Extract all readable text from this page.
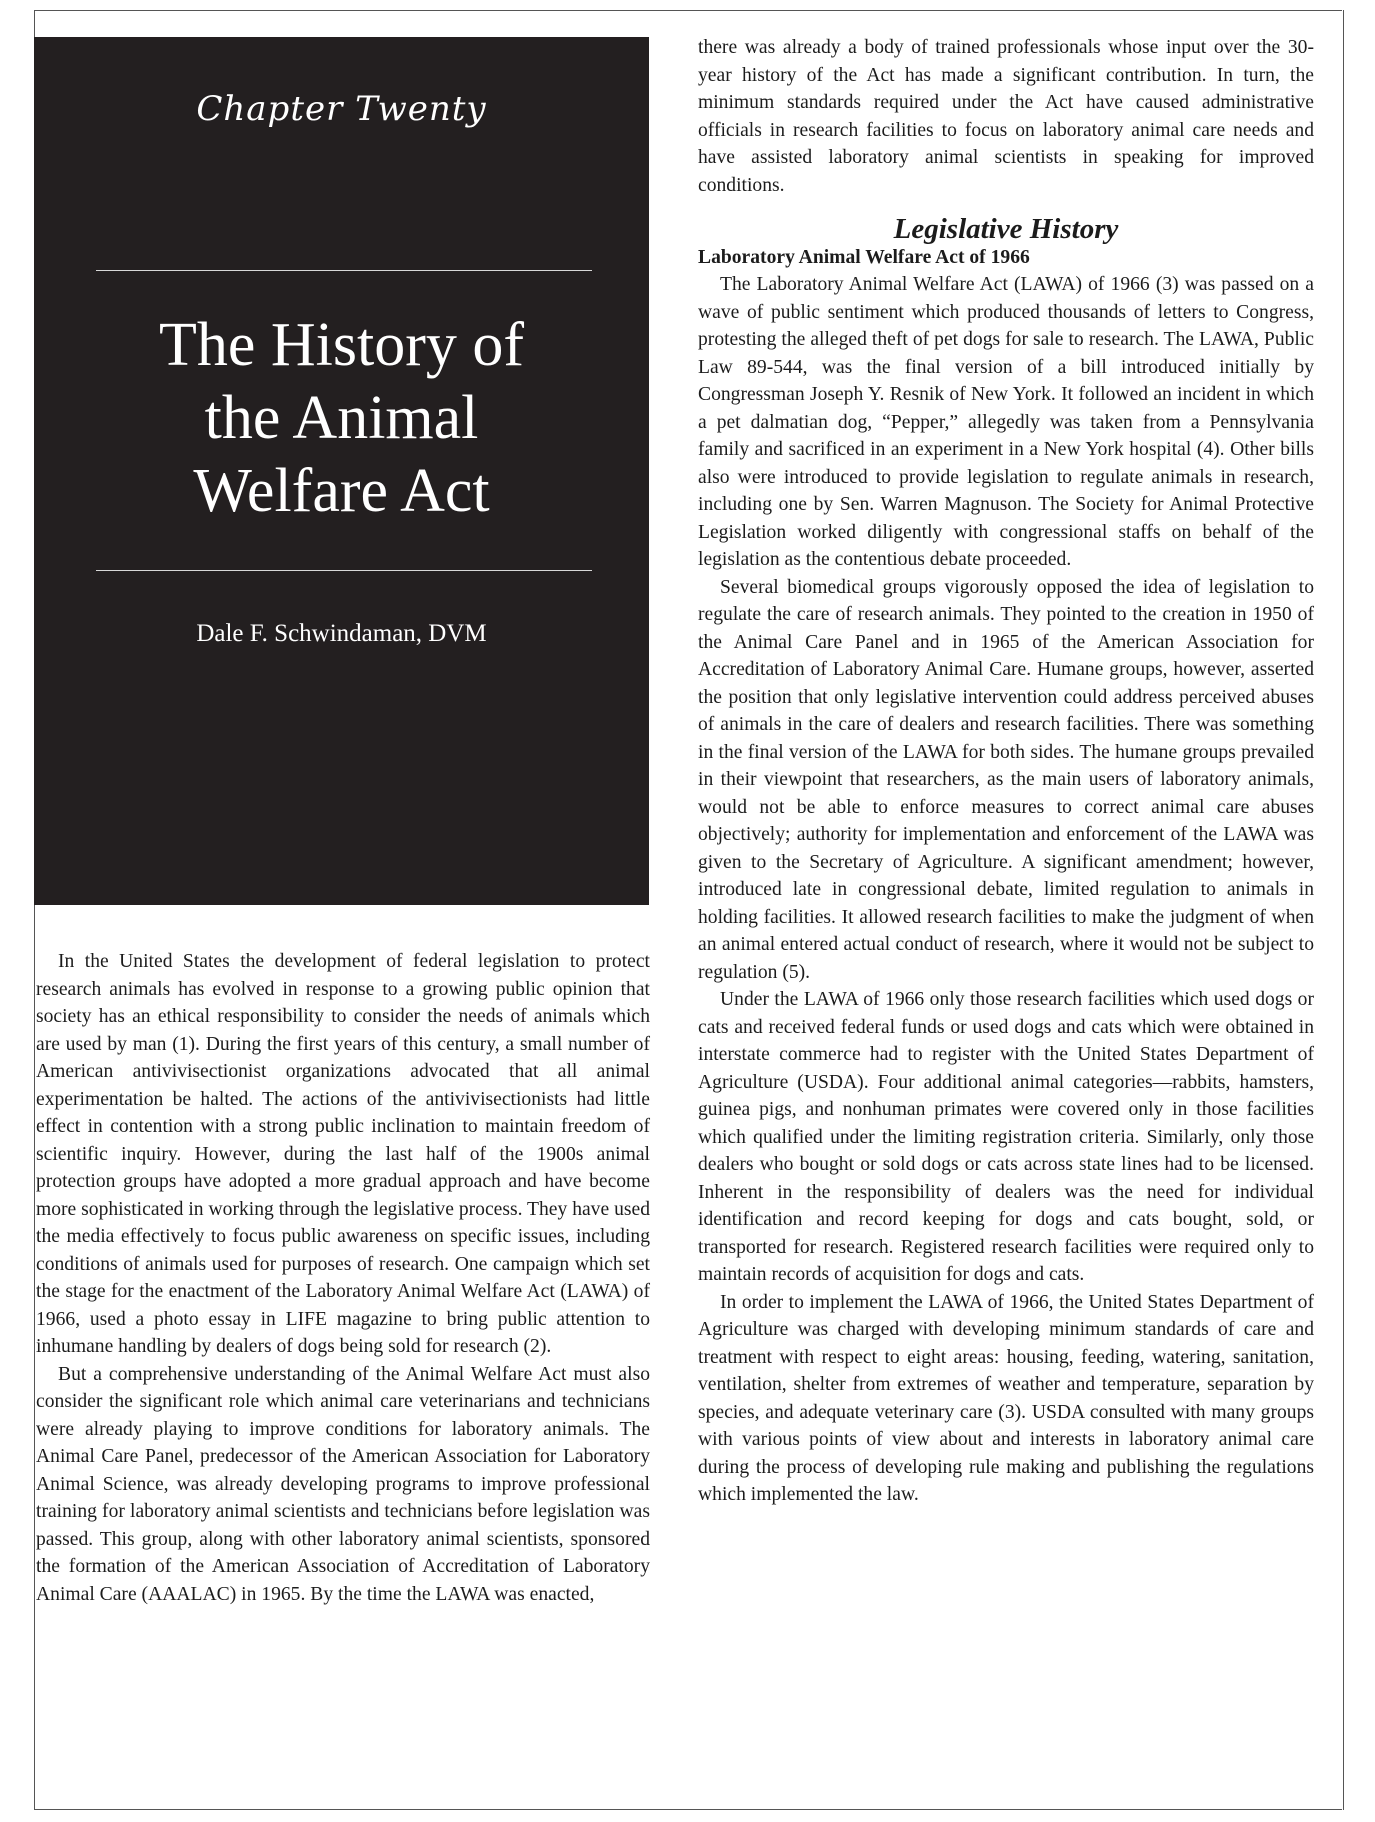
Chapter Twenty
The History of
the Animal
Welfare Act
Dale F. Schwindaman, DVM

In the United States the development of federal legislation to protect research animals has evolved in response to a growing public opinion that society has an ethical responsibility to consider the needs of animals which are used by man (1). During the first years of this century, a small number of American antivivisectionist organizations advocated that all animal experimentation be halted. The actions of the antivivisectionists had little effect in contention with a strong public inclination to maintain freedom of scientific inquiry. However, during the last half of the 1900s animal protection groups have adopted a more gradual approach and have become more sophisticated in working through the legislative process. They have used the media effectively to focus public awareness on specific issues, including conditions of animals used for purposes of research. One campaign which set the stage for the enactment of the Laboratory Animal Welfare Act (LAWA) of 1966, used a photo essay in LIFE magazine to bring public attention to inhumane handling by dealers of dogs being sold for research (2).

But a comprehensive understanding of the Animal Welfare Act must also consider the significant role which animal care veterinarians and technicians were already playing to improve conditions for laboratory animals. The Animal Care Panel, predecessor of the American Association for Laboratory Animal Science, was already developing programs to improve professional training for laboratory animal scientists and technicians before legislation was passed. This group, along with other laboratory animal scientists, sponsored the formation of the American Association of Accreditation of Laboratory Animal Care (AAALAC) in 1965. By the time the LAWA was enacted,

there was already a body of trained professionals whose input over the 30-year history of the Act has made a significant contribution. In turn, the minimum standards required under the Act have caused administrative officials in research facilities to focus on laboratory animal care needs and have assisted laboratory animal scientists in speaking for improved conditions.

Legislative History
Laboratory Animal Welfare Act of 1966

The Laboratory Animal Welfare Act (LAWA) of 1966 (3) was passed on a wave of public sentiment which produced thousands of letters to Congress, protesting the alleged theft of pet dogs for sale to research. The LAWA, Public Law 89-544, was the final version of a bill introduced initially by Congressman Joseph Y. Resnik of New York. It followed an incident in which a pet dalmatian dog, “Pepper,” allegedly was taken from a Pennsylvania family and sacrificed in an experiment in a New York hospital (4). Other bills also were introduced to provide legislation to regulate animals in research, including one by Sen. Warren Magnuson. The Society for Animal Protective Legislation worked diligently with congressional staffs on behalf of the legislation as the contentious debate proceeded.

Several biomedical groups vigorously opposed the idea of legislation to regulate the care of research animals. They pointed to the creation in 1950 of the Animal Care Panel and in 1965 of the American Association for Accreditation of Laboratory Animal Care. Humane groups, however, asserted the position that only legislative intervention could address perceived abuses of animals in the care of dealers and research facilities. There was something in the final version of the LAWA for both sides. The humane groups prevailed in their viewpoint that researchers, as the main users of laboratory animals, would not be able to enforce measures to correct animal care abuses objectively; authority for implementation and enforcement of the LAWA was given to the Secretary of Agriculture. A significant amendment; however, introduced late in congressional debate, limited regulation to animals in holding facilities. It allowed research facilities to make the judgment of when an animal entered actual conduct of research, where it would not be subject to regulation (5).

Under the LAWA of 1966 only those research facilities which used dogs or cats and received federal funds or used dogs and cats which were obtained in interstate commerce had to register with the United States Department of Agriculture (USDA). Four additional animal categories—rabbits, hamsters, guinea pigs, and nonhuman primates were covered only in those facilities which qualified under the limiting registration criteria. Similarly, only those dealers who bought or sold dogs or cats across state lines had to be licensed. Inherent in the responsibility of dealers was the need for individual identification and record keeping for dogs and cats bought, sold, or transported for research. Registered research facilities were required only to maintain records of acquisition for dogs and cats.

In order to implement the LAWA of 1966, the United States Department of Agriculture was charged with developing minimum standards of care and treatment with respect to eight areas: housing, feeding, watering, sanitation, ventilation, shelter from extremes of weather and temperature, separation by species, and adequate veterinary care (3). USDA consulted with many groups with various points of view about and interests in laboratory animal care during the process of developing rule making and publishing the regulations which implemented the law.
